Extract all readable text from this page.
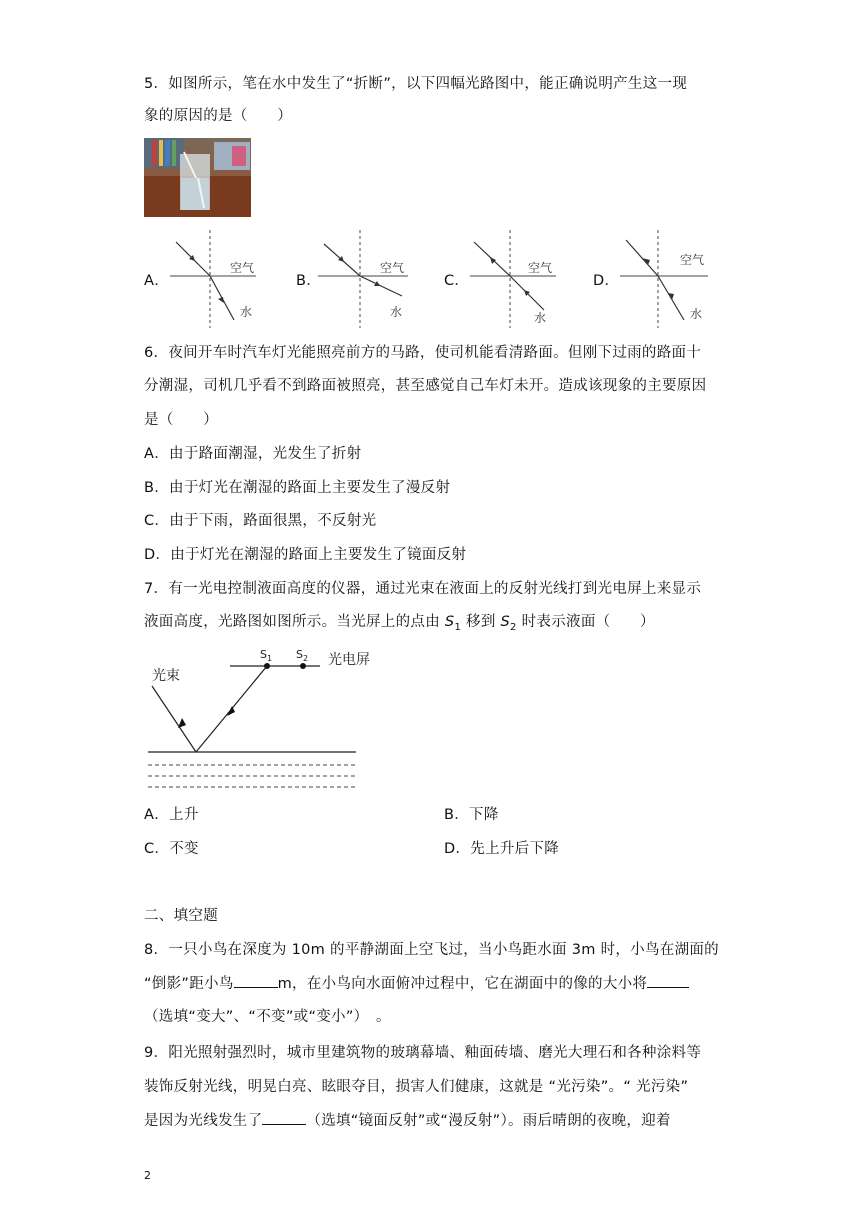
5．如图所示，笔在水中发生了“折断”，以下四幅光路图中，能正确说明产生这一现
象的原因的是（　　）
A．
空气
水
B．
空气
水
C．
空气
水
D．
空气
水
6．夜间开车时汽车灯光能照亮前方的马路，使司机能看清路面。但刚下过雨的路面十
分潮湿，司机几乎看不到路面被照亮，甚至感觉自己车灯未开。造成该现象的主要原因
是（　　）
A．由于路面潮湿，光发生了折射
B．由于灯光在潮湿的路面上主要发生了漫反射
C．由于下雨，路面很黑，不反射光
D．由于灯光在潮湿的路面上主要发生了镜面反射
7．有一光电控制液面高度的仪器，通过光束在液面上的反射光线打到光电屏上来显示
液面高度，光路图如图所示。当光屏上的点由 $S_1$ 移到 $S_2$ 时表示液面（　　）
光束
光电屏
$S_1$ $S_2$
A．上升	B．下降
C．不变	D．先上升后下降
二、填空题
8．一只小鸟在深度为 10m 的平静湖面上空飞过，当小鸟距水面 3m 时，小鸟在湖面的
“倒影”距小鸟	m，在小鸟向水面俯冲过程中，它在湖面中的像的大小将
（选填“变大”、“不变”或“变小”）　。
9．阳光照射强烈时，城市里建筑物的玻璃幕墙、釉面砖墙、磨光大理石和各种涂料等
装饰反射光线，明晃白亮、眩眼夺目，损害人们健康，这就是 “光污染”。“ 光污染”
是因为光线发生了	（选填“镜面反射”或“漫反射”）。雨后晴朗的夜晚，迎着
2
